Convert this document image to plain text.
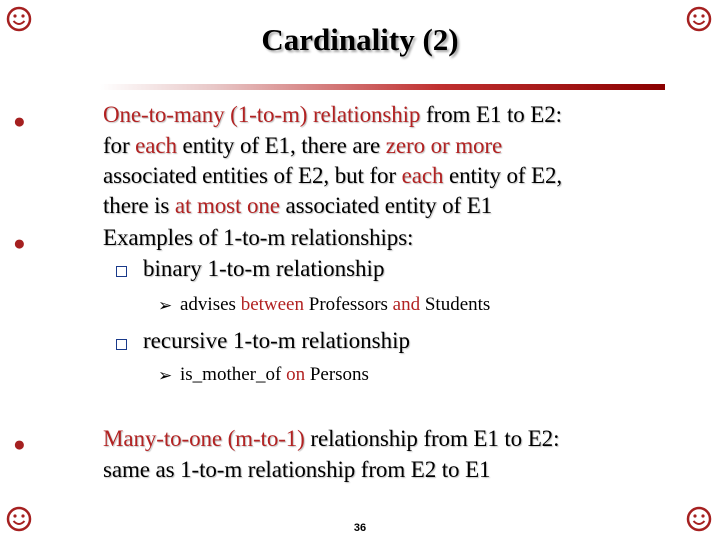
Cardinality (2)
●	One-to-many (1-to-m) relationship from E1 to E2:
for each entity of E1, there are zero or more
associated entities of E2, but for each entity of E2,
there is at most one associated entity of E1
●	Examples of 1-to-m relationships:
binary 1-to-m relationship
➢ advises between Professors and Students
recursive 1-to-m relationship
➢ is_mother_of on Persons
●	Many-to-one (m-to-1) relationship from E1 to E2:
same as 1-to-m relationship from E2 to E1
36
